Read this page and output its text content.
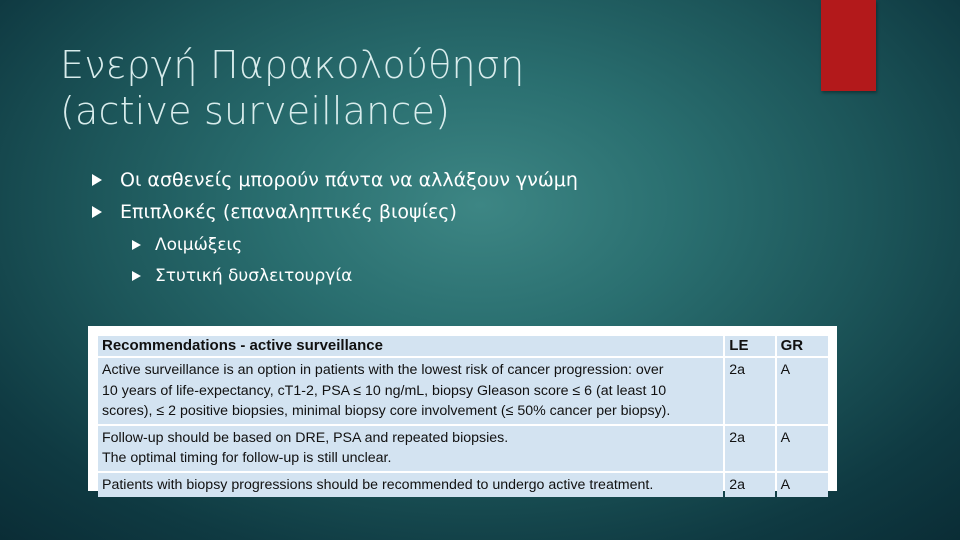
Ενεργή Παρακολούθηση
(active surveillance)
Οι ασθενείς μπορούν πάντα να αλλάξουν γνώμη
Επιπλοκές (επαναληπτικές βιοψίες)
Λοιμώξεις
Στυτική δυσλειτουργία
Recommendations - active surveillance	LE	GR

Active surveillance is an option in patients with the lowest risk of cancer progression: over
10 years of life-expectancy, cT1-2, PSA ≤ 10 ng/mL, biopsy Gleason score ≤ 6 (at least 10
scores), ≤ 2 positive biopsies, minimal biopsy core involvement (≤ 50% cancer per biopsy).	2a	A

Follow-up should be based on DRE, PSA and repeated biopsies.
The optimal timing for follow-up is still unclear.	2a	A

Patients with biopsy progressions should be recommended to undergo active treatment.	2a	A
